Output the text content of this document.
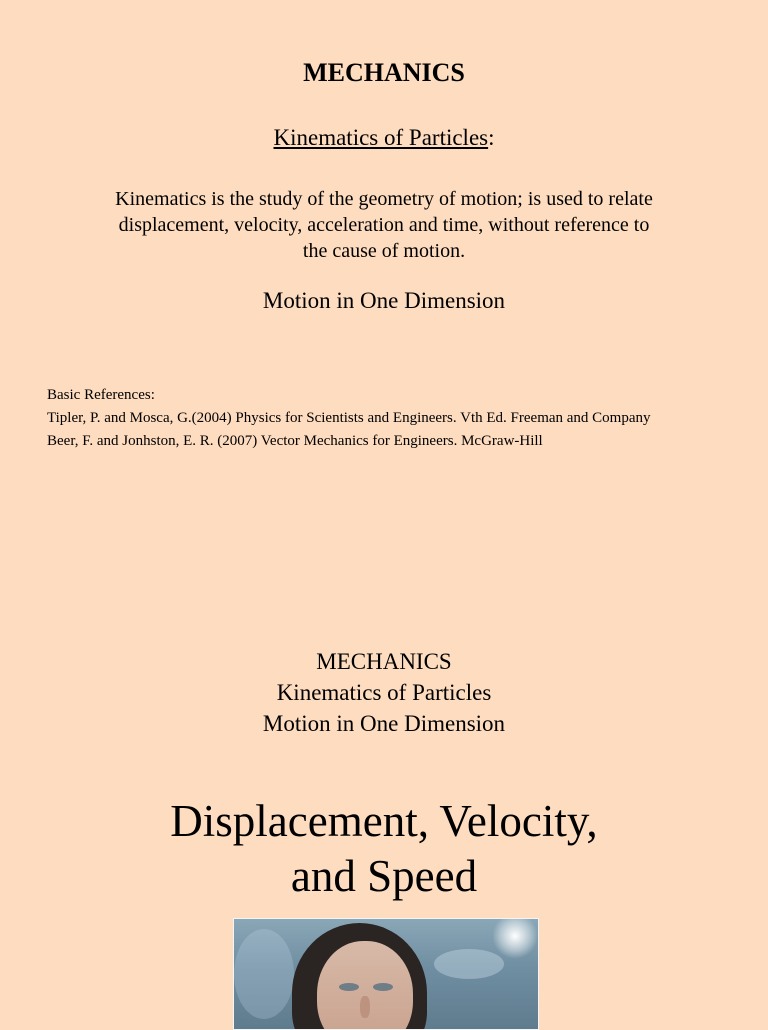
MECHANICS
Kinematics of Particles:
Kinematics is the study of the geometry of motion; is used to relate displacement, velocity, acceleration and time, without reference to the cause of motion.
Motion in One Dimension
Basic References:
Tipler, P. and Mosca, G.(2004) Physics for Scientists and Engineers. Vth Ed. Freeman and Company
Beer, F. and Jonhston, E. R. (2007) Vector Mechanics for Engineers. McGraw-Hill
MECHANICS
Kinematics of Particles
Motion in One Dimension
Displacement, Velocity,
and Speed
